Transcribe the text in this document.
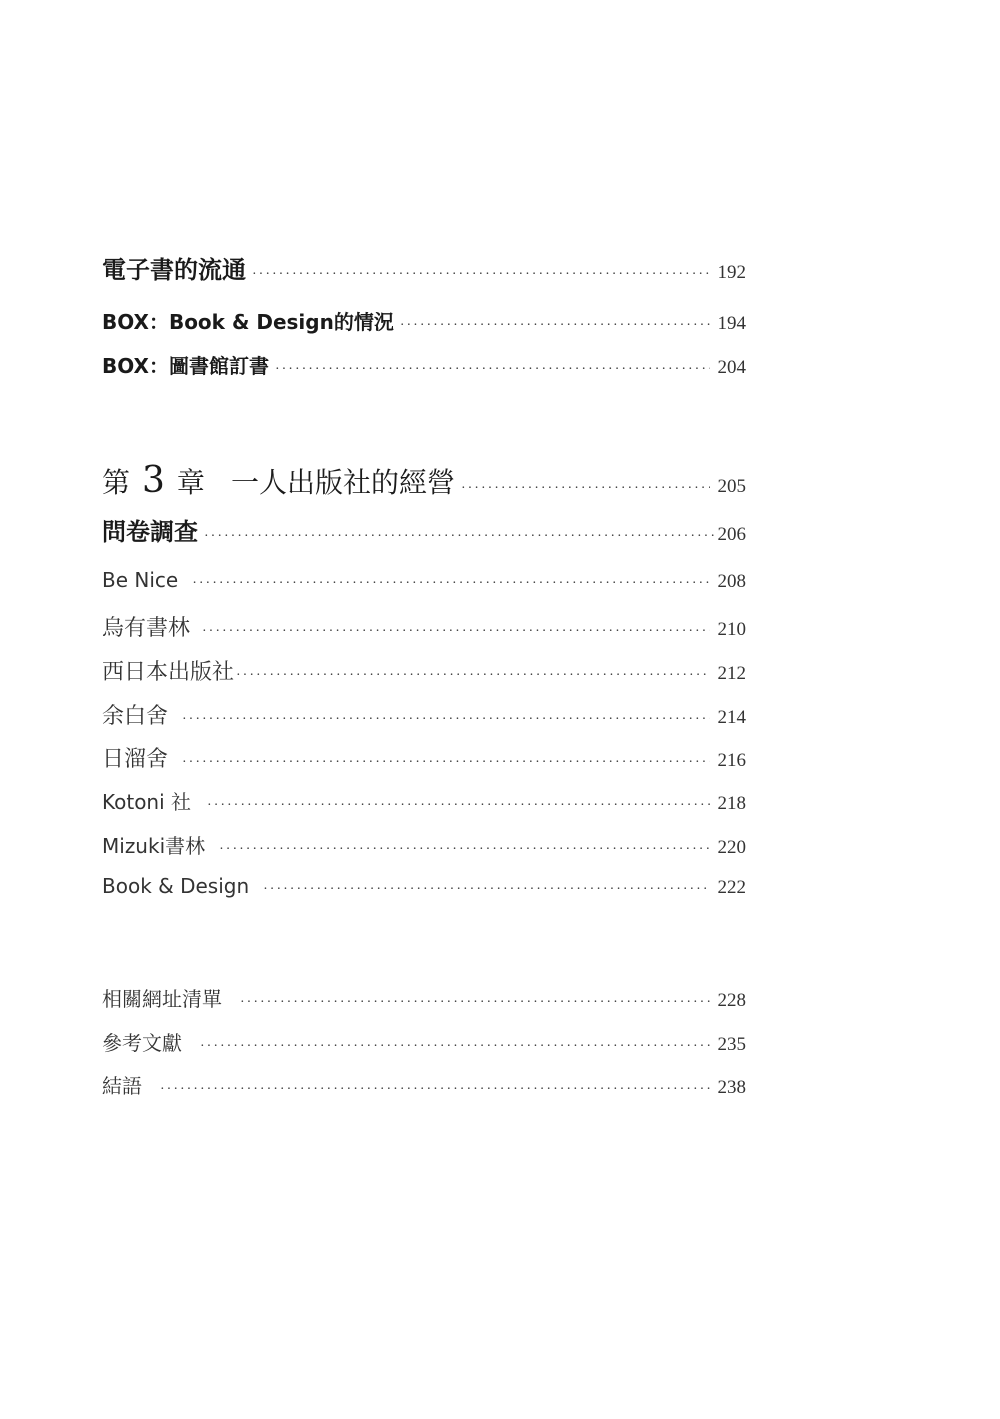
電子書的流通 ·····	192
BOX：Book & Design的情況 ·····	194
BOX：圖書館訂書 ·····	204
第 3 章 一人出版社的經營 ·····	205
問卷調查 ·····	206
Be Nice ·····	208
烏有書林 ·····	210
西日本出版社 ·····	212
余白舍 ·····	214
日溜舍 ·····	216
Kotoni 社 ·····	218
Mizuki書林 ·····	220
Book & Design ·····	222
相關網址清單 ·····	228
參考文獻 ·····	235
結語 ·····	238
